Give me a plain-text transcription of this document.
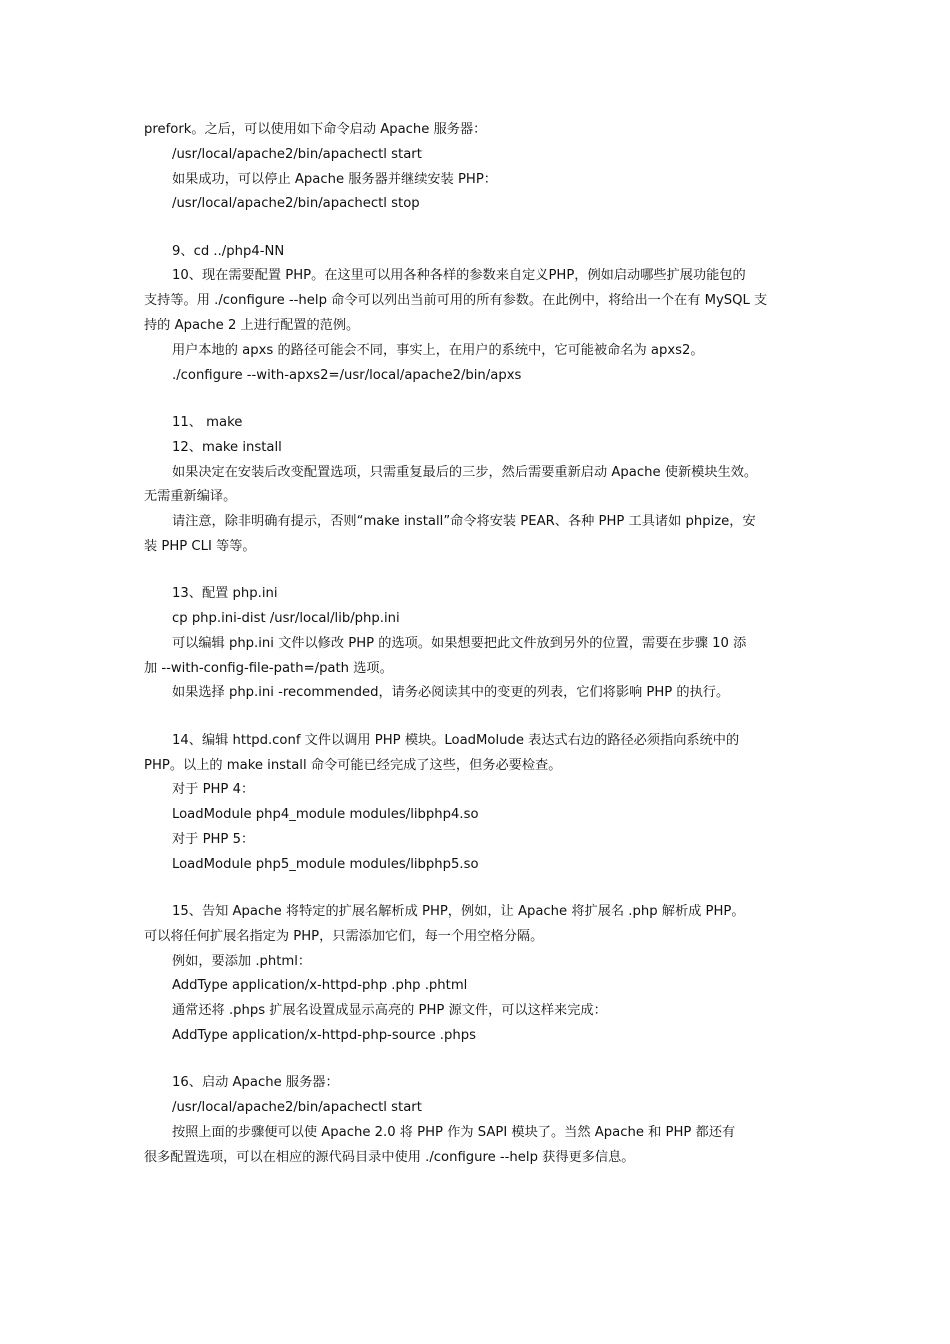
prefork。之后，可以使用如下命令启动 Apache 服务器：
/usr/local/apache2/bin/apachectl start
如果成功，可以停止 Apache 服务器并继续安装 PHP：
/usr/local/apache2/bin/apachectl stop
9、cd ../php4-NN
10、现在需要配置 PHP。在这里可以用各种各样的参数来自定义PHP，例如启动哪些扩展功能包的
支持等。用 ./configure --help 命令可以列出当前可用的所有参数。在此例中，将给出一个在有 MySQL 支
持的 Apache 2 上进行配置的范例。
用户本地的 apxs 的路径可能会不同，事实上，在用户的系统中，它可能被命名为 apxs2。
./configure --with-apxs2=/usr/local/apache2/bin/apxs
11、 make
12、make install
如果决定在安装后改变配置选项，只需重复最后的三步，然后需要重新启动 Apache 使新模块生效。
无需重新编译。
请注意，除非明确有提示，否则“make install”命令将安装 PEAR、各种 PHP 工具诸如 phpize，安
装 PHP CLI 等等。
13、配置 php.ini
cp php.ini-dist /usr/local/lib/php.ini
可以编辑 php.ini 文件以修改 PHP 的选项。如果想要把此文件放到另外的位置，需要在步骤 10 添
加 --with-config-file-path=/path 选项。
如果选择 php.ini -recommended，请务必阅读其中的变更的列表，它们将影响 PHP 的执行。
14、编辑 httpd.conf 文件以调用 PHP 模块。LoadMolude 表达式右边的路径必须指向系统中的
PHP。以上的 make install 命令可能已经完成了这些，但务必要检查。
对于 PHP 4：
LoadModule php4_module modules/libphp4.so
对于 PHP 5：
LoadModule php5_module modules/libphp5.so
15、告知 Apache 将特定的扩展名解析成 PHP，例如，让 Apache 将扩展名 .php 解析成 PHP。
可以将任何扩展名指定为 PHP，只需添加它们，每一个用空格分隔。
例如，要添加 .phtml：
AddType application/x-httpd-php .php .phtml
通常还将 .phps 扩展名设置成显示高亮的 PHP 源文件，可以这样来完成：
AddType application/x-httpd-php-source .phps
16、启动 Apache 服务器：
/usr/local/apache2/bin/apachectl start
按照上面的步骤便可以使 Apache 2.0 将 PHP 作为 SAPI 模块了。当然 Apache 和 PHP 都还有
很多配置选项，可以在相应的源代码目录中使用 ./configure --help 获得更多信息。
